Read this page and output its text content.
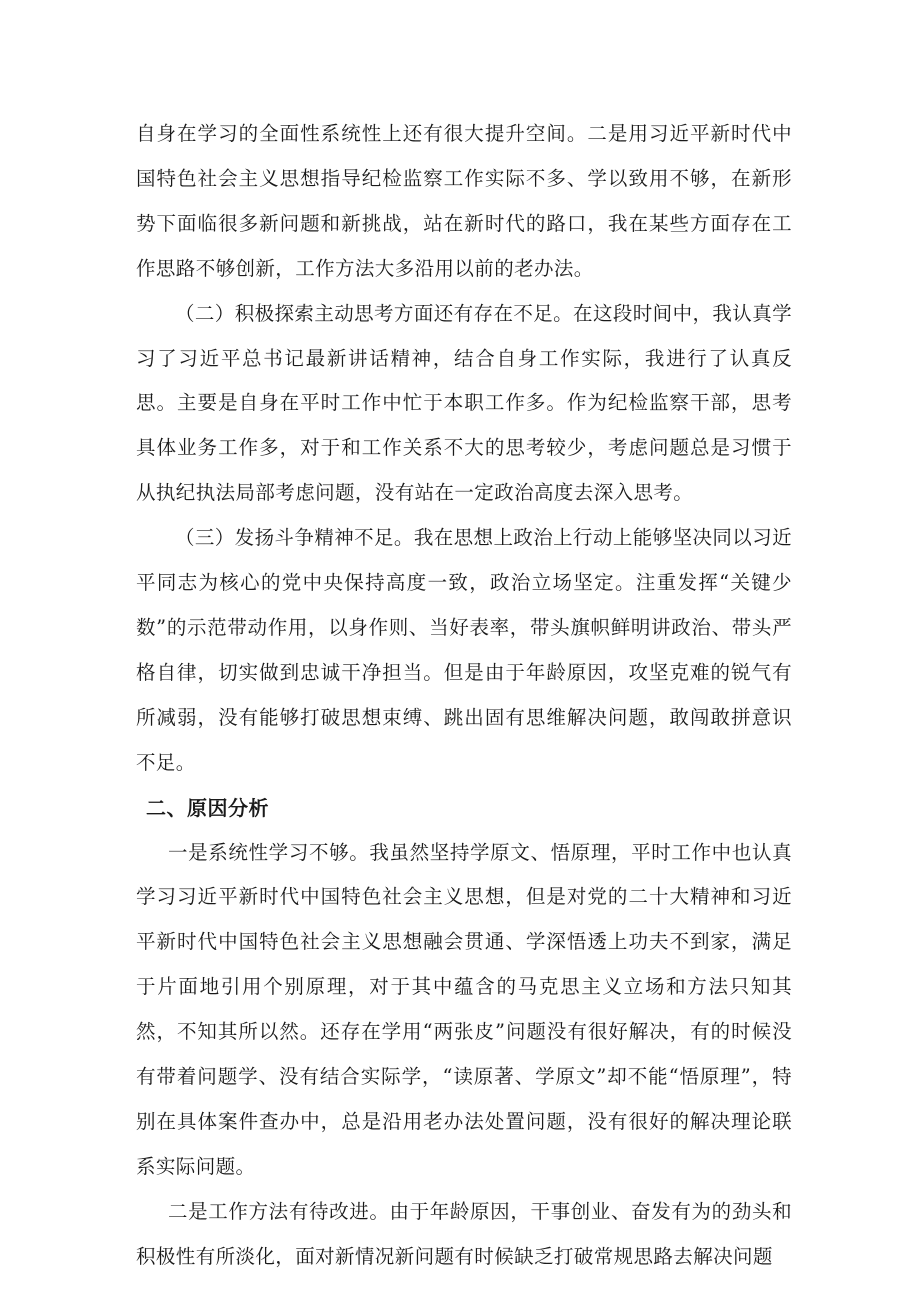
自身在学习的全面性系统性上还有很大提升空间。二是用习近平新时代中国特色社会主义思想指导纪检监察工作实际不多、学以致用不够，在新形势下面临很多新问题和新挑战，站在新时代的路口，我在某些方面存在工作思路不够创新，工作方法大多沿用以前的老办法。

（二）积极探索主动思考方面还有存在不足。在这段时间中，我认真学习了习近平总书记最新讲话精神，结合自身工作实际，我进行了认真反思。主要是自身在平时工作中忙于本职工作多。作为纪检监察干部，思考具体业务工作多，对于和工作关系不大的思考较少，考虑问题总是习惯于从执纪执法局部考虑问题，没有站在一定政治高度去深入思考。

（三）发扬斗争精神不足。我在思想上政治上行动上能够坚决同以习近平同志为核心的党中央保持高度一致，政治立场坚定。注重发挥“关键少数”的示范带动作用，以身作则、当好表率，带头旗帜鲜明讲政治、带头严格自律，切实做到忠诚干净担当。但是由于年龄原因，攻坚克难的锐气有所减弱，没有能够打破思想束缚、跳出固有思维解决问题，敢闯敢拼意识不足。

二、原因分析

一是系统性学习不够。我虽然坚持学原文、悟原理，平时工作中也认真学习习近平新时代中国特色社会主义思想，但是对党的二十大精神和习近平新时代中国特色社会主义思想融会贯通、学深悟透上功夫不到家，满足于片面地引用个别原理，对于其中蕴含的马克思主义立场和方法只知其然，不知其所以然。还存在学用“两张皮”问题没有很好解决，有的时候没有带着问题学、没有结合实际学，“读原著、学原文”却不能“悟原理”，特别在具体案件查办中，总是沿用老办法处置问题，没有很好的解决理论联系实际问题。

二是工作方法有待改进。由于年龄原因，干事创业、奋发有为的劲头和积极性有所淡化，面对新情况新问题有时候缺乏打破常规思路去解决问题
